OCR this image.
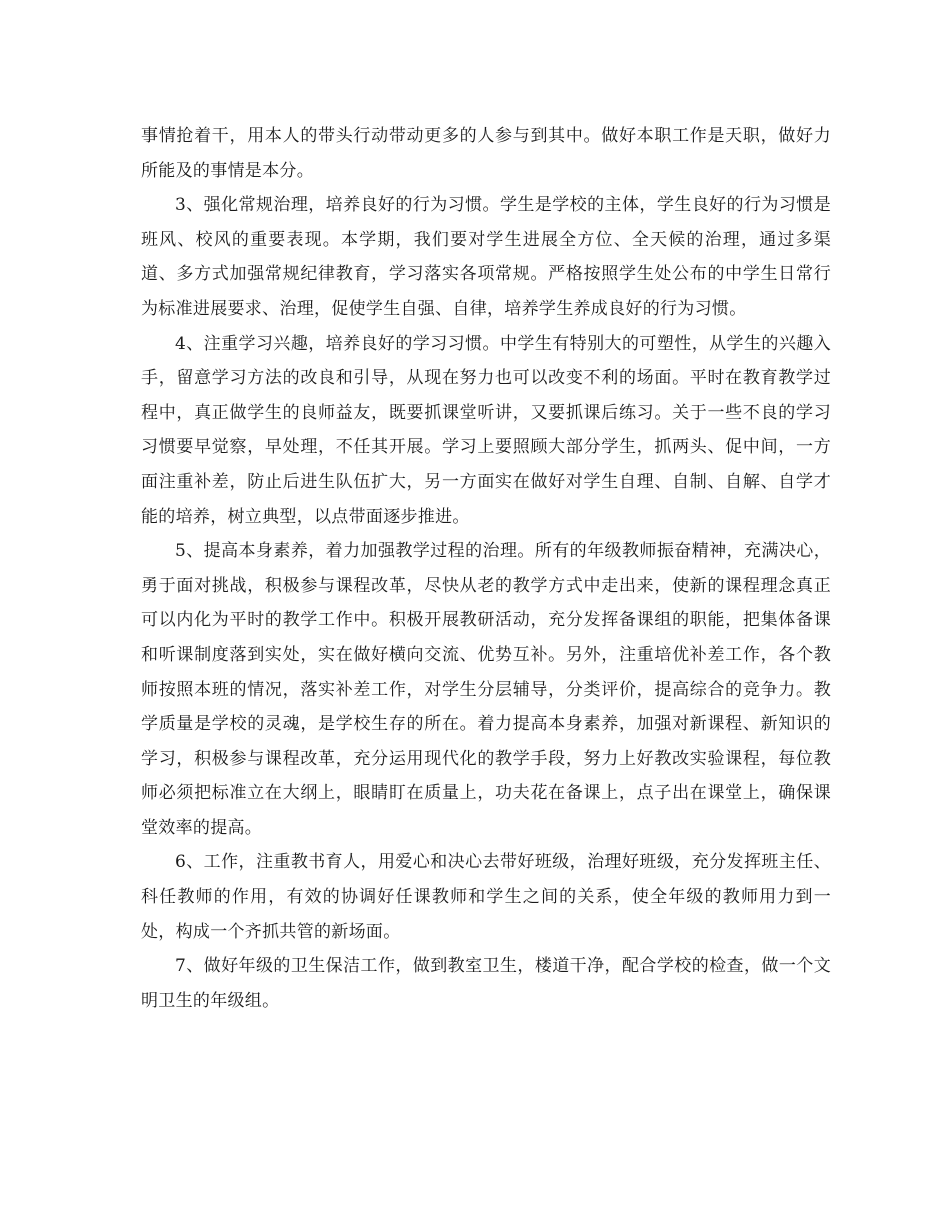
事情抢着干，用本人的带头行动带动更多的人参与到其中。做好本职工作是天职，做好力所能及的事情是本分。

3、强化常规治理，培养良好的行为习惯。学生是学校的主体，学生良好的行为习惯是班风、校风的重要表现。本学期，我们要对学生进展全方位、全天候的治理，通过多渠道、多方式加强常规纪律教育，学习落实各项常规。严格按照学生处公布的中学生日常行为标准进展要求、治理，促使学生自强、自律，培养学生养成良好的行为习惯。

4、注重学习兴趣，培养良好的学习习惯。中学生有特别大的可塑性，从学生的兴趣入手，留意学习方法的改良和引导，从现在努力也可以改变不利的场面。平时在教育教学过程中，真正做学生的良师益友，既要抓课堂听讲，又要抓课后练习。关于一些不良的学习习惯要早觉察，早处理，不任其开展。学习上要照顾大部分学生，抓两头、促中间，一方面注重补差，防止后进生队伍扩大，另一方面实在做好对学生自理、自制、自解、自学才能的培养，树立典型，以点带面逐步推进。

5、提高本身素养，着力加强教学过程的治理。所有的年级教师振奋精神，充满决心，勇于面对挑战，积极参与课程改革，尽快从老的教学方式中走出来，使新的课程理念真正可以内化为平时的教学工作中。积极开展教研活动，充分发挥备课组的职能，把集体备课和听课制度落到实处，实在做好横向交流、优势互补。另外，注重培优补差工作，各个教师按照本班的情况，落实补差工作，对学生分层辅导，分类评价，提高综合的竞争力。教学质量是学校的灵魂，是学校生存的所在。着力提高本身素养，加强对新课程、新知识的学习，积极参与课程改革，充分运用现代化的教学手段，努力上好教改实验课程，每位教师必须把标准立在大纲上，眼睛盯在质量上，功夫花在备课上，点子出在课堂上，确保课堂效率的提高。

6、工作，注重教书育人，用爱心和决心去带好班级，治理好班级，充分发挥班主任、科任教师的作用，有效的协调好任课教师和学生之间的关系，使全年级的教师用力到一处，构成一个齐抓共管的新场面。

7、做好年级的卫生保洁工作，做到教室卫生，楼道干净，配合学校的检查，做一个文明卫生的年级组。
